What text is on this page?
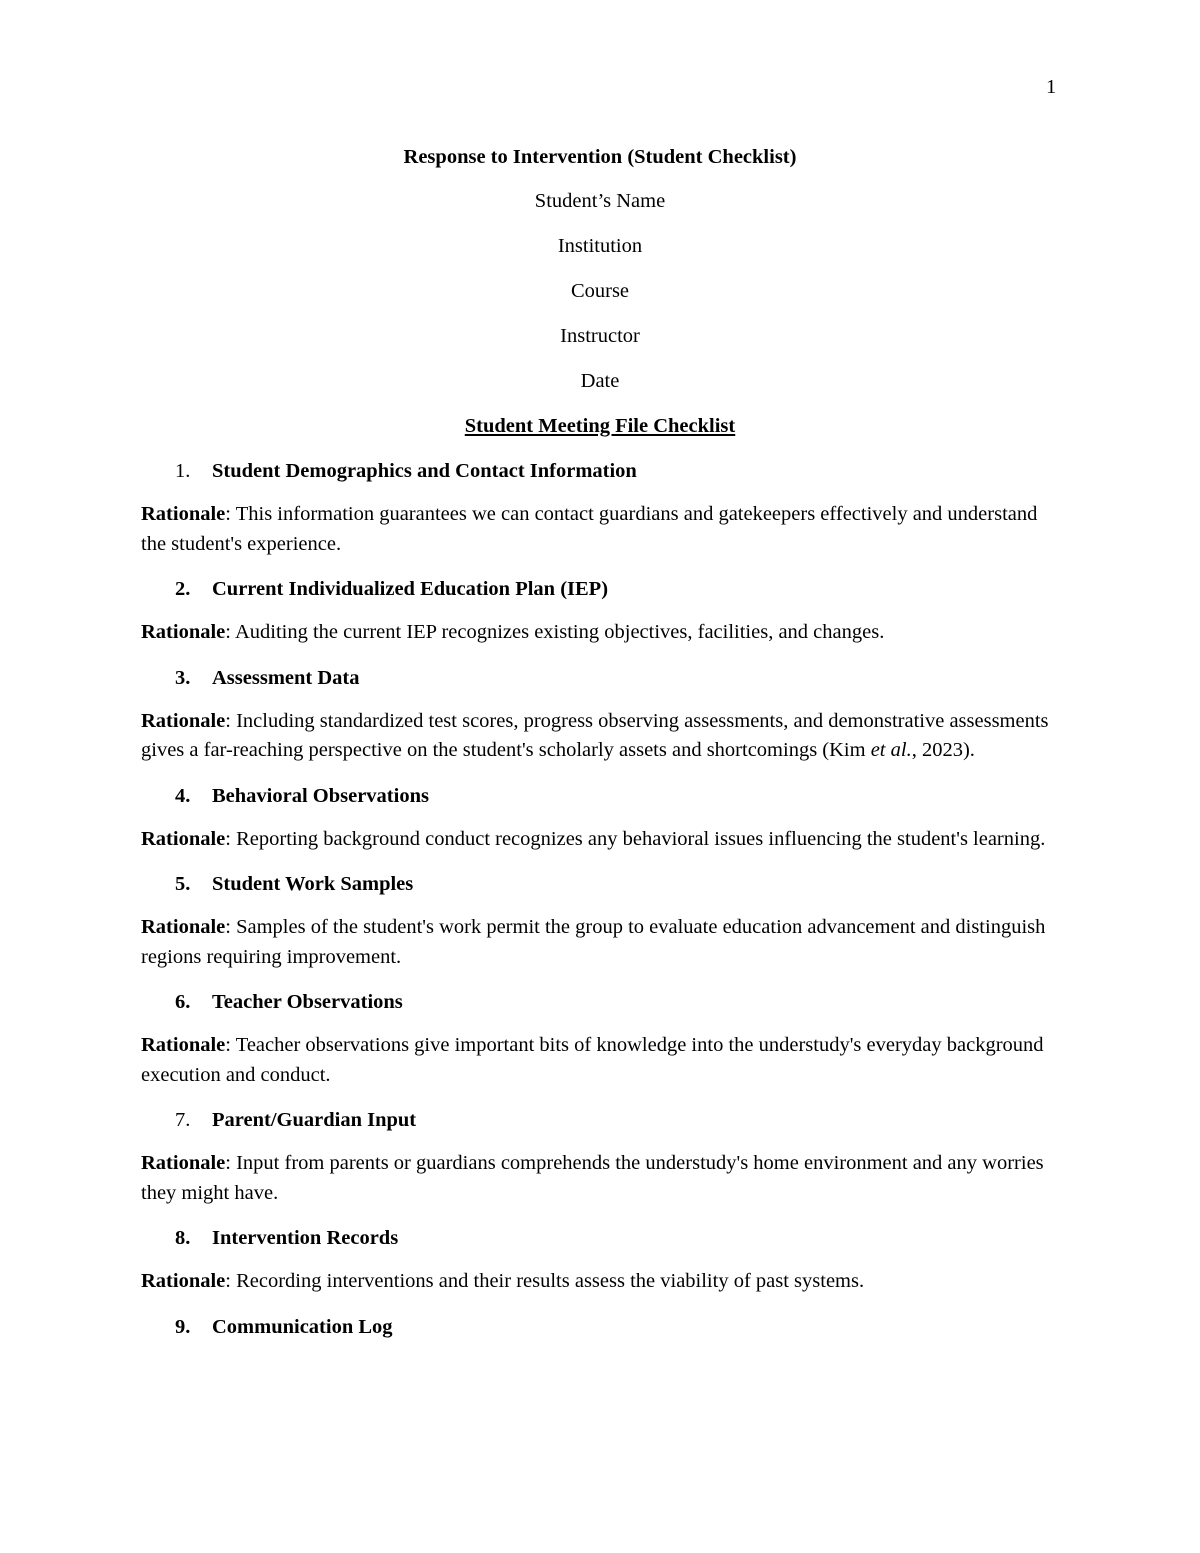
1
Response to Intervention (Student Checklist)
Student’s Name
Institution
Course
Instructor
Date
Student Meeting File Checklist
1.	Student Demographics and Contact Information
Rationale: This information guarantees we can contact guardians and gatekeepers effectively and understand the student's experience.
2.	Current Individualized Education Plan (IEP)
Rationale: Auditing the current IEP recognizes existing objectives, facilities, and changes.
3.	Assessment Data
Rationale: Including standardized test scores, progress observing assessments, and demonstrative assessments gives a far-reaching perspective on the student's scholarly assets and shortcomings (Kim et al., 2023).
4.	Behavioral Observations
Rationale: Reporting background conduct recognizes any behavioral issues influencing the student's learning.
5.	Student Work Samples
Rationale: Samples of the student's work permit the group to evaluate education advancement and distinguish regions requiring improvement.
6.	Teacher Observations
Rationale: Teacher observations give important bits of knowledge into the understudy's everyday background execution and conduct.
7.	Parent/Guardian Input
Rationale: Input from parents or guardians comprehends the understudy's home environment and any worries they might have.
8.	Intervention Records
Rationale: Recording interventions and their results assess the viability of past systems.
9.	Communication Log
